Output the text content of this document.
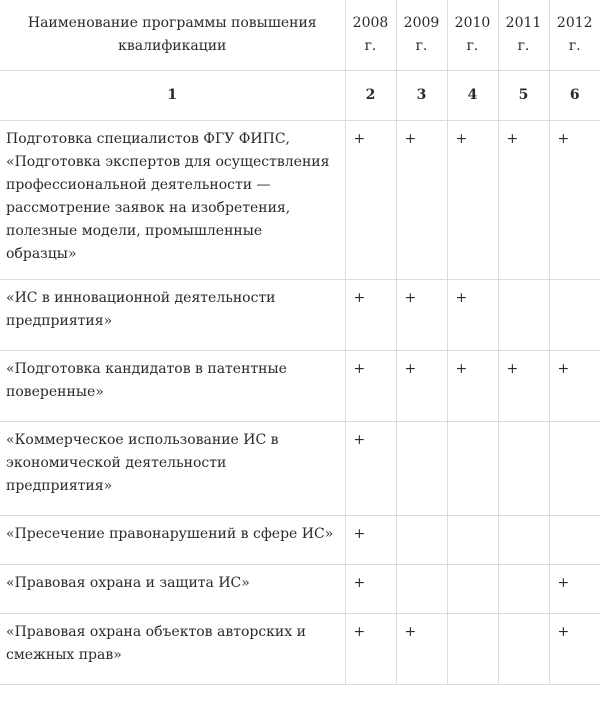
Наименование программы повышения квалификации	2008 г.	2009 г.	2010 г.	2011 г.	2012 г.
1	2	3	4	5	6
Подготовка специалистов ФГУ ФИПС, «Подготовка экспертов для осуществления профессиональной деятельности — рассмотрение заявок на изобретения, полезные модели, промышленные образцы»	+	+	+	+	+
«ИС в инновационной деятельности предприятия»	+	+	+		
«Подготовка кандидатов в патентные поверенные»	+	+	+	+	+
«Коммерческое использование ИС в экономической деятельности предприятия»	+				
«Пресечение правонарушений в сфере ИС»	+				
«Правовая охрана и защита ИС»	+				+
«Правовая охрана объектов авторских и смежных прав»	+	+			+
